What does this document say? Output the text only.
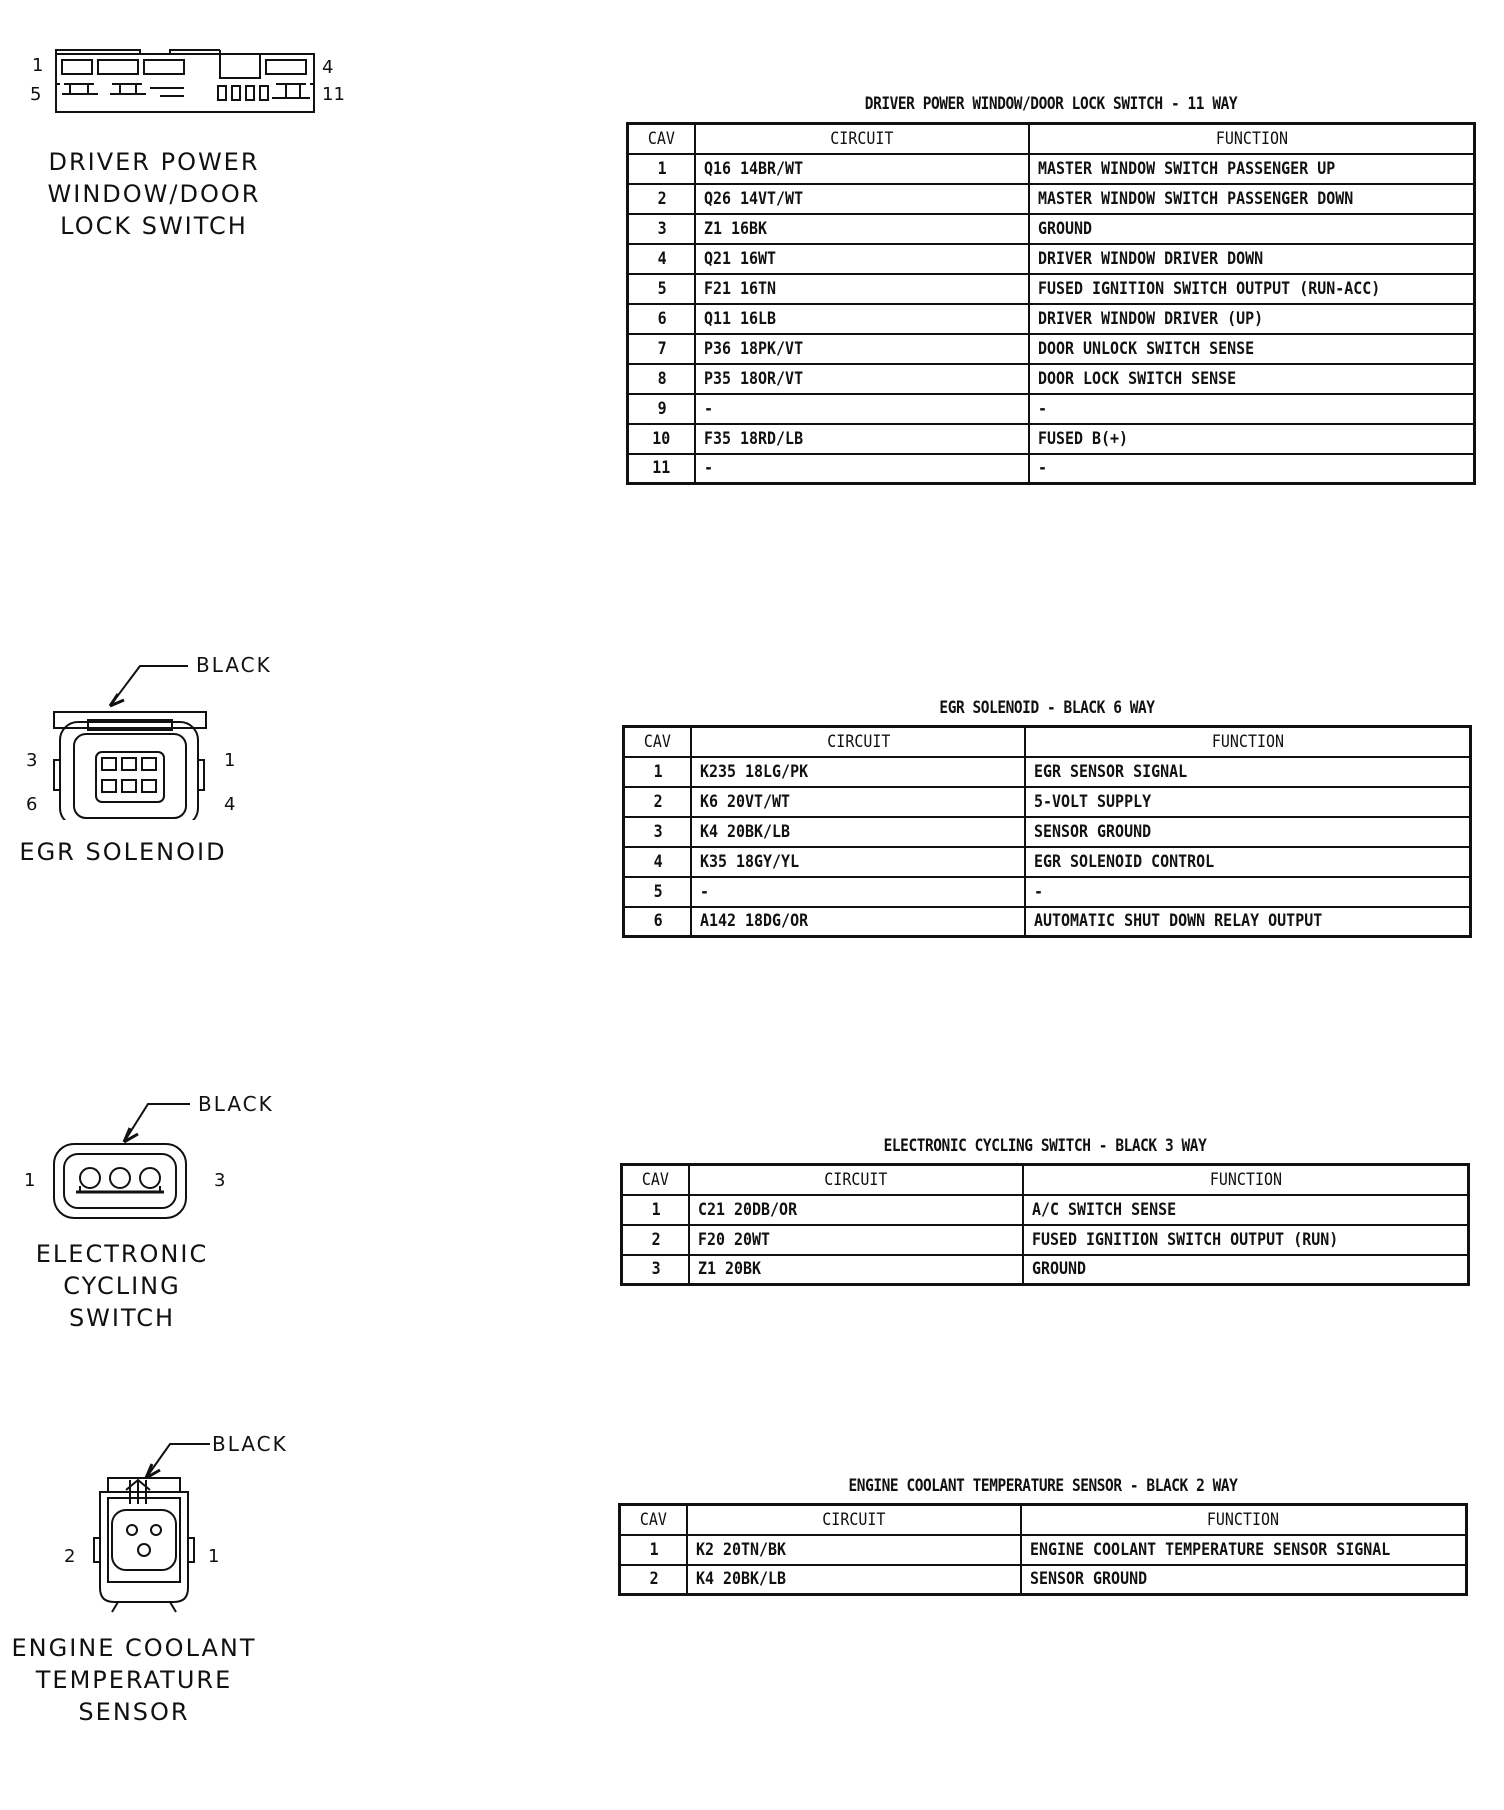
1
5
4
11
DRIVER POWER
WINDOW/DOOR
LOCK SWITCH
DRIVER POWER WINDOW/DOOR LOCK SWITCH - 11 WAY
CAV	CIRCUIT	FUNCTION
1	Q16 14BR/WT	MASTER WINDOW SWITCH PASSENGER UP
2	Q26 14VT/WT	MASTER WINDOW SWITCH PASSENGER DOWN
3	Z1 16BK	GROUND
4	Q21 16WT	DRIVER WINDOW DRIVER DOWN
5	F21 16TN	FUSED IGNITION SWITCH OUTPUT (RUN-ACC)
6	Q11 16LB	DRIVER WINDOW DRIVER (UP)
7	P36 18PK/VT	DOOR UNLOCK SWITCH SENSE
8	P35 18OR/VT	DOOR LOCK SWITCH SENSE
9	-	-
10	F35 18RD/LB	FUSED B(+)
11	-	-
BLACK
3
6
1
4
EGR SOLENOID
EGR SOLENOID - BLACK 6 WAY
CAV	CIRCUIT	FUNCTION
1	K235 18LG/PK	EGR SENSOR SIGNAL
2	K6 20VT/WT	5-VOLT SUPPLY
3	K4 20BK/LB	SENSOR GROUND
4	K35 18GY/YL	EGR SOLENOID CONTROL
5	-	-
6	A142 18DG/OR	AUTOMATIC SHUT DOWN RELAY OUTPUT
BLACK
1	3
ELECTRONIC
CYCLING
SWITCH
ELECTRONIC CYCLING SWITCH - BLACK 3 WAY
CAV	CIRCUIT	FUNCTION
1	C21 20DB/OR	A/C SWITCH SENSE
2	F20 20WT	FUSED IGNITION SWITCH OUTPUT (RUN)
3	Z1 20BK	GROUND
BLACK
2	1
ENGINE COOLANT
TEMPERATURE
SENSOR
ENGINE COOLANT TEMPERATURE SENSOR - BLACK 2 WAY
CAV	CIRCUIT	FUNCTION
1	K2 20TN/BK	ENGINE COOLANT TEMPERATURE SENSOR SIGNAL
2	K4 20BK/LB	SENSOR GROUND
